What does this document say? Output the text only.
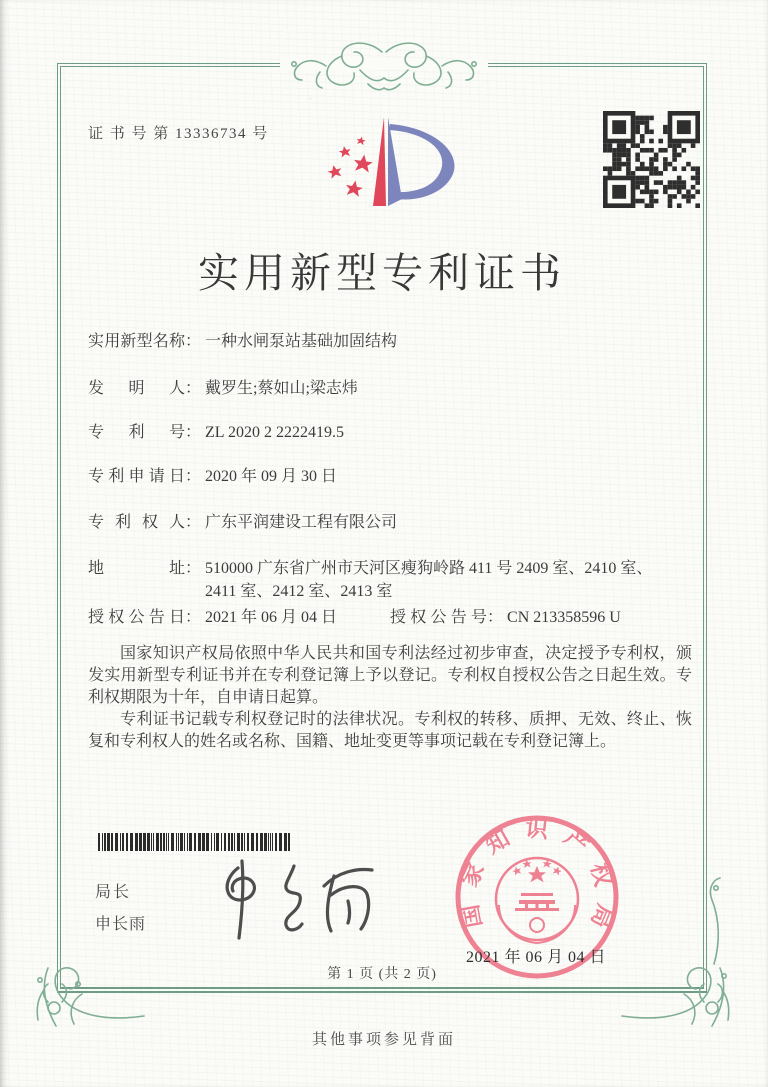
证 书 号 第 13336734 号
实用新型专利证书
实用新型名称： 一种水闸泵站基础加固结构
发明人： 戴罗生;蔡如山;梁志炜
专利号： ZL 2020 2 2222419.5
专利申请日： 2020 年 09 月 30 日
专利权人： 广东平润建设工程有限公司
地址： 510000 广东省广州市天河区瘦狗岭路 411 号 2409 室、2410 室、2411 室、2412 室、2413 室
授权公告日： 2021 年 06 月 04 日	授权公告号： CN 213358596 U

国家知识产权局依照中华人民共和国专利法经过初步审查，决定授予专利权，颁发实用新型专利证书并在专利登记簿上予以登记。专利权自授权公告之日起生效。专利权期限为十年，自申请日起算。

专利证书记载专利权登记时的法律状况。专利权的转移、质押、无效、终止、恢复和专利权人的姓名或名称、国籍、地址变更等事项记载在专利登记簿上。

局长
申长雨	国家知识产权局
2021 年 06 月 04 日
第 1 页 (共 2 页)
其他事项参见背面
